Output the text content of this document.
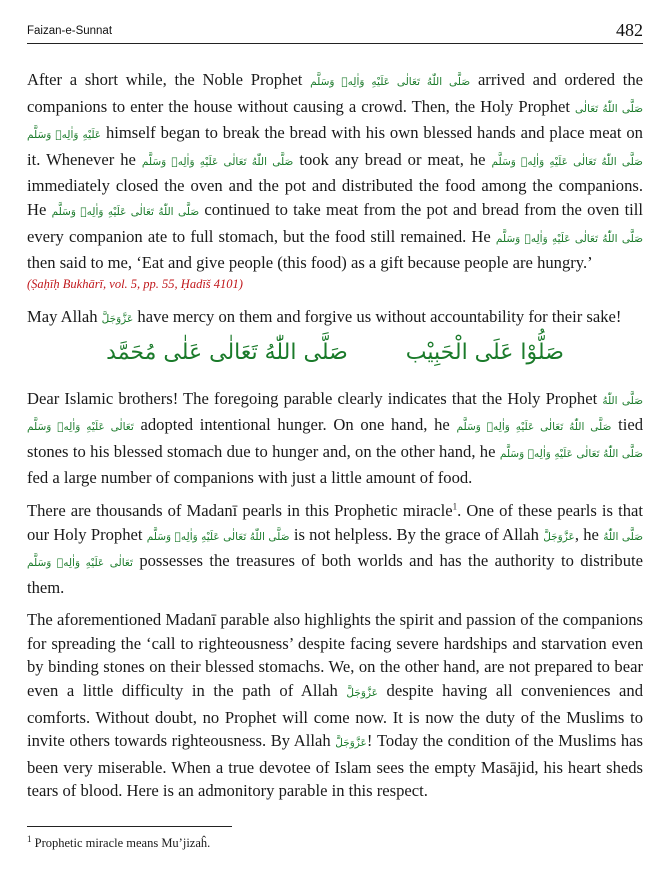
Faizan-e-Sunnat	482

After a short while, the Noble Prophet صَلَّى اللّٰهُ تَعَالٰى عَلَيْهِ وَاٰلِهٖ وَسَلَّم arrived and ordered the companions to enter the house without causing a crowd. Then, the Holy Prophet صَلَّى اللّٰهُ تَعَالٰى عَلَيْهِ وَاٰلِهٖ وَسَلَّم himself began to break the bread with his own blessed hands and place meat on it. Whenever he صَلَّى اللّٰهُ تَعَالٰى عَلَيْهِ وَاٰلِهٖ وَسَلَّم took any bread or meat, he صَلَّى اللّٰهُ تَعَالٰى عَلَيْهِ وَاٰلِهٖ وَسَلَّم immediately closed the oven and the pot and distributed the food among the companions. He صَلَّى اللّٰهُ تَعَالٰى عَلَيْهِ وَاٰلِهٖ وَسَلَّم continued to take meat from the pot and bread from the oven till every companion ate to full stomach, but the food still remained. He صَلَّى اللّٰهُ تَعَالٰى عَلَيْهِ وَاٰلِهٖ وَسَلَّم then said to me, ‘Eat and give people (this food) as a gift because people are hungry.’
(Ṣaḥīḥ Bukhārī, vol. 5, pp. 55, Ḥadīš 4101)

May Allah عَزَّوَجَلَّ have mercy on them and forgive us without accountability for their sake!

صَلُّوْا عَلَى الْحَبِيْب
صَلَّى اللّٰهُ تَعَالٰى عَلٰى مُحَمَّد

Dear Islamic brothers! The foregoing parable clearly indicates that the Holy Prophet صَلَّى اللّٰهُ تَعَالٰى عَلَيْهِ وَاٰلِهٖ وَسَلَّم adopted intentional hunger. On one hand, he صَلَّى اللّٰهُ تَعَالٰى عَلَيْهِ وَاٰلِهٖ وَسَلَّم tied stones to his blessed stomach due to hunger and, on the other hand, he صَلَّى اللّٰهُ تَعَالٰى عَلَيْهِ وَاٰلِهٖ وَسَلَّم fed a large number of companions with just a little amount of food.

There are thousands of Madanī pearls in this Prophetic miracle$^1$. One of these pearls is that our Holy Prophet صَلَّى اللّٰهُ تَعَالٰى عَلَيْهِ وَاٰلِهٖ وَسَلَّم is not helpless. By the grace of Allah عَزَّوَجَلَّ, he صَلَّى اللّٰهُ تَعَالٰى عَلَيْهِ وَاٰلِهٖ وَسَلَّم possesses the treasures of both worlds and has the authority to distribute them.

The aforementioned Madanī parable also highlights the spirit and passion of the companions for spreading the ‘call to righteousness’ despite facing severe hardships and starvation even by binding stones on their blessed stomachs. We, on the other hand, are not prepared to bear even a little difficulty in the path of Allah عَزَّوَجَلَّ despite having all conveniences and comforts. Without doubt, no Prophet will come now. It is now the duty of the Muslims to invite others towards righteousness. By Allah عَزَّوَجَلَّ! Today the condition of the Muslims has been very miserable. When a true devotee of Islam sees the empty Masājid, his heart sheds tears of blood. Here is an admonitory parable in this respect.

$^1$ Prophetic miracle means Mu’jizaĥ.
